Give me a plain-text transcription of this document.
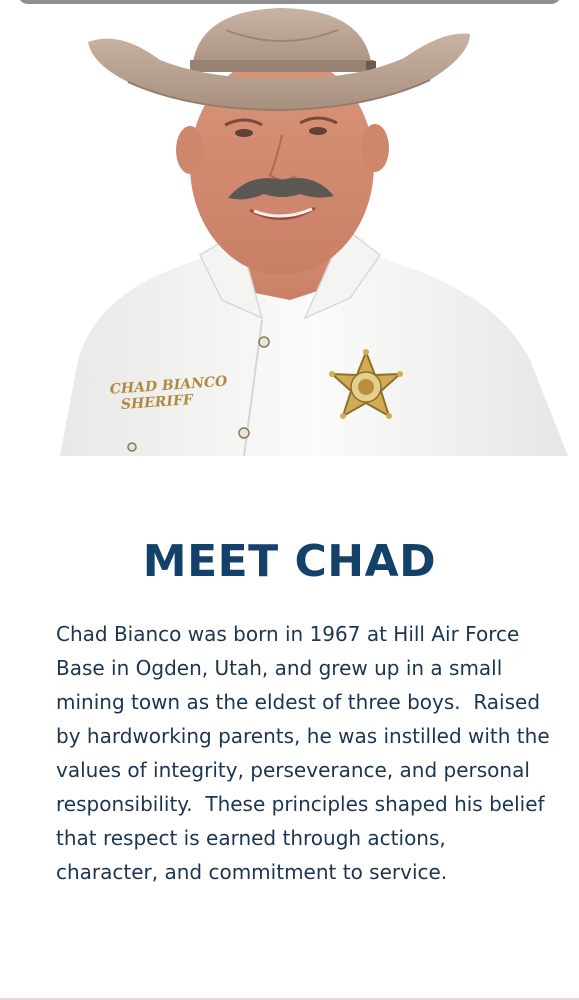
CHAD BIANCO
SHERIFF
MEET CHAD

Chad Bianco was born in 1967 at Hill Air Force Base in Ogden, Utah, and grew up in a small mining town as the eldest of three boys.  Raised by hardworking parents, he was instilled with the values of integrity, perseverance, and personal responsibility.  These principles shaped his belief that respect is earned through actions, character, and commitment to service.
